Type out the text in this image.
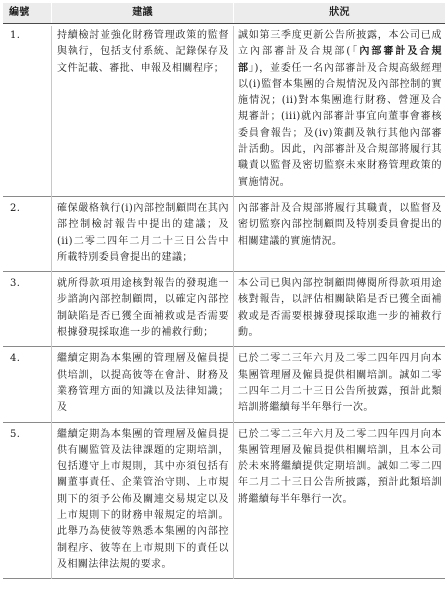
編號	建議	狀況
1.	持續檢討並強化財務管理政策的監督與執行，包括支付系統、記錄保存及文件記載、審批、申報及相關程序；
誠如第三季度更新公告所披露，本公司已成立內部審計及合規部(「內部審計及合規部」)，並委任一名內部審計及合規高級經理以(i)監督本集團的合規情況及內部控制的實施情況；(ii)對本集團進行財務、營運及合規審計；(iii)就內部審計事宜向董事會審核委員會報告；及(iv)策劃及執行其他內部審計活動。因此，內部審計及合規部將履行其職責以監督及密切監察未來財務管理政策的實施情況。
2.	確保嚴格執行(i)內部控制顧問在其內部控制檢討報告中提出的建議；及(ii)二零二四年二月二十三日公告中所載特別委員會提出的建議；
內部審計及合規部將履行其職責，以監督及密切監察內部控制顧問及特別委員會提出的相關建議的實施情況。
3.	就所得款項用途核對報告的發現進一步諮詢內部控制顧問，以確定內部控制缺陷是否已獲全面補救或是否需要根據發現採取進一步的補救行動；
本公司已與內部控制顧問傳閱所得款項用途核對報告，以評估相關缺陷是否已獲全面補救或是否需要根據發現採取進一步的補救行動。
4.	繼續定期為本集團的管理層及僱員提供培訓，以提高彼等在會計、財務及業務管理方面的知識以及法律知識；及
已於二零二三年六月及二零二四年四月向本集團管理層及僱員提供相關培訓。誠如二零二四年二月二十三日公告所披露，預計此類培訓將繼續每半年舉行一次。
5.	繼續定期為本集團的管理層及僱員提供有關監管及法律課題的定期培訓，包括遵守上市規則，其中亦須包括有關董事責任、企業管治守則、上市規則下的須予公佈及關連交易規定以及上市規則下的財務申報規定的培訓。此舉乃為使彼等熟悉本集團的內部控制程序、彼等在上市規則下的責任以及相關法律法規的要求。
已於二零二三年六月及二零二四年四月向本集團管理層及僱員提供相關培訓，且本公司於未來將繼續提供定期培訓。誠如二零二四年二月二十三日公告所披露，預計此類培訓將繼續每半年舉行一次。
